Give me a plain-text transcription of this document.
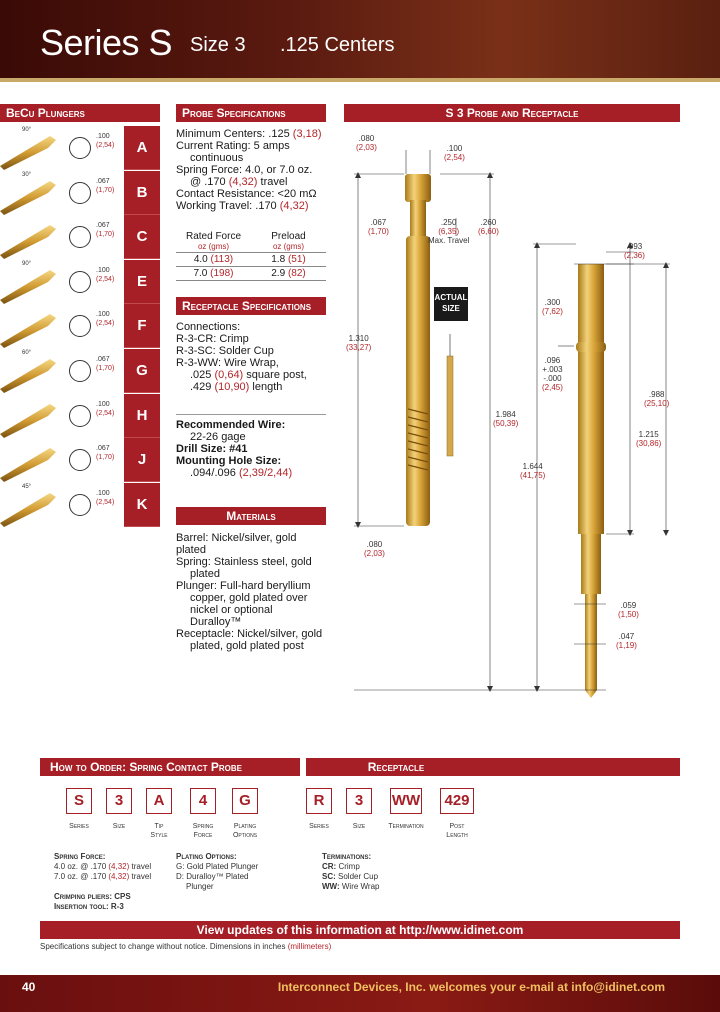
Series S Size 3 .125 Centers
BeCu Plungers
90°
.100
(2,54)	A
30°
.067
(1,70)	B
.067
(1,70)	C
90°
.100
(2,54)	E
.100
(2,54)	F
60°
.067
(1,70)	G
.100
(2,54)	H
.067
(1,70)	J
45°
.100
(2,54)	K
Probe Specifications
Minimum Centers: .125 (3,18)
Current Rating: 5 amps
continuous
Spring Force: 4.0, or 7.0 oz.
@ .170 (4,32) travel
Contact Resistance: <20 mΩ
Working Travel: .170 (4,32)
Rated Force	Preload
oz (gms)	oz (gms)
4.0 (113)	1.8 (51)
7.0 (198)	2.9 (82)
Receptacle Specifications
Connections:
R-3-CR: Crimp
R-3-SC: Solder Cup
R-3-WW: Wire Wrap,
.025 (0,64) square post,
.429 (10,90) length
Recommended Wire:
22-26 gage
Drill Size: #41
Mounting Hole Size:
.094/.096 (2,39/2,44)
Materials
Barrel: Nickel/silver, gold plated
Spring: Stainless steel, gold
plated
Plunger: Full-hard beryllium
copper, gold plated over
nickel or optional Duralloy™
Receptacle: Nickel/silver, gold
plated, gold plated post
S 3 Probe and Receptacle
ACTUAL
SIZE
.080
(2,03)	.100
(2,54)
.067
(1,70)
.250
(6,35)
Max. Travel
.260
(6,60)
1.310
(33,27)
.080
(2,03)
1.984
(50,39)
1.644
(41,75)
.093
(2,36)
.300
(7,62)
.096
+.003
-.000
(2,45)
.988
(25,10)
1.215
(30,86)
.059
(1,50)
.047
(1,19)
How to Order: Spring Contact Probe	Receptacle
S
Series
3
Size
A
Tip
Style
4
Spring
Force
G
Plating
Options
R
Series
3
Size
WW
Termination
429
Post
Length
Spring Force:
4.0 oz. @ .170 (4,32) travel
7.0 oz. @ .170 (4,32) travel
Crimping pliers: CPS
Insertion tool: R-3
Plating Options:
G: Gold Plated Plunger
D: Duralloy™ Plated
Plunger
Terminations:
CR: Crimp
SC: Solder Cup
WW: Wire Wrap
View updates of this information at http://www.idinet.com
Specifications subject to change without notice. Dimensions in inches (millimeters)
40	Interconnect Devices, Inc. welcomes your e-mail at info@idinet.com
